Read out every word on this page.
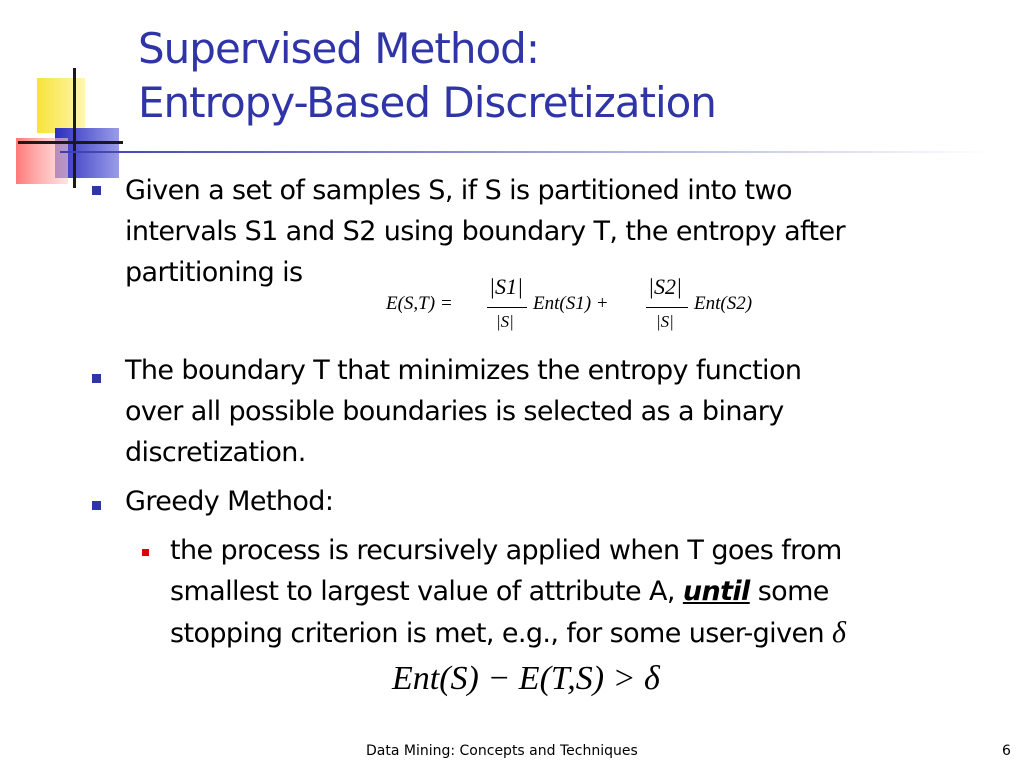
Supervised Method:
Entropy-Based Discretization
Given a set of samples S, if S is partitioned into two
intervals S1 and S2 using boundary T, the entropy after
partitioning is
E(S,T) =
|S1|
|S|
Ent(S1) +
|S2|
|S|
Ent(S2)
The boundary T that minimizes the entropy function
over all possible boundaries is selected as a binary
discretization.
Greedy Method:
the process is recursively applied when T goes from
smallest to largest value of attribute A, until some
stopping criterion is met, e.g., for some user-given δ
Ent(S) − E(T,S) > δ
Data Mining: Concepts and Techniques	6
